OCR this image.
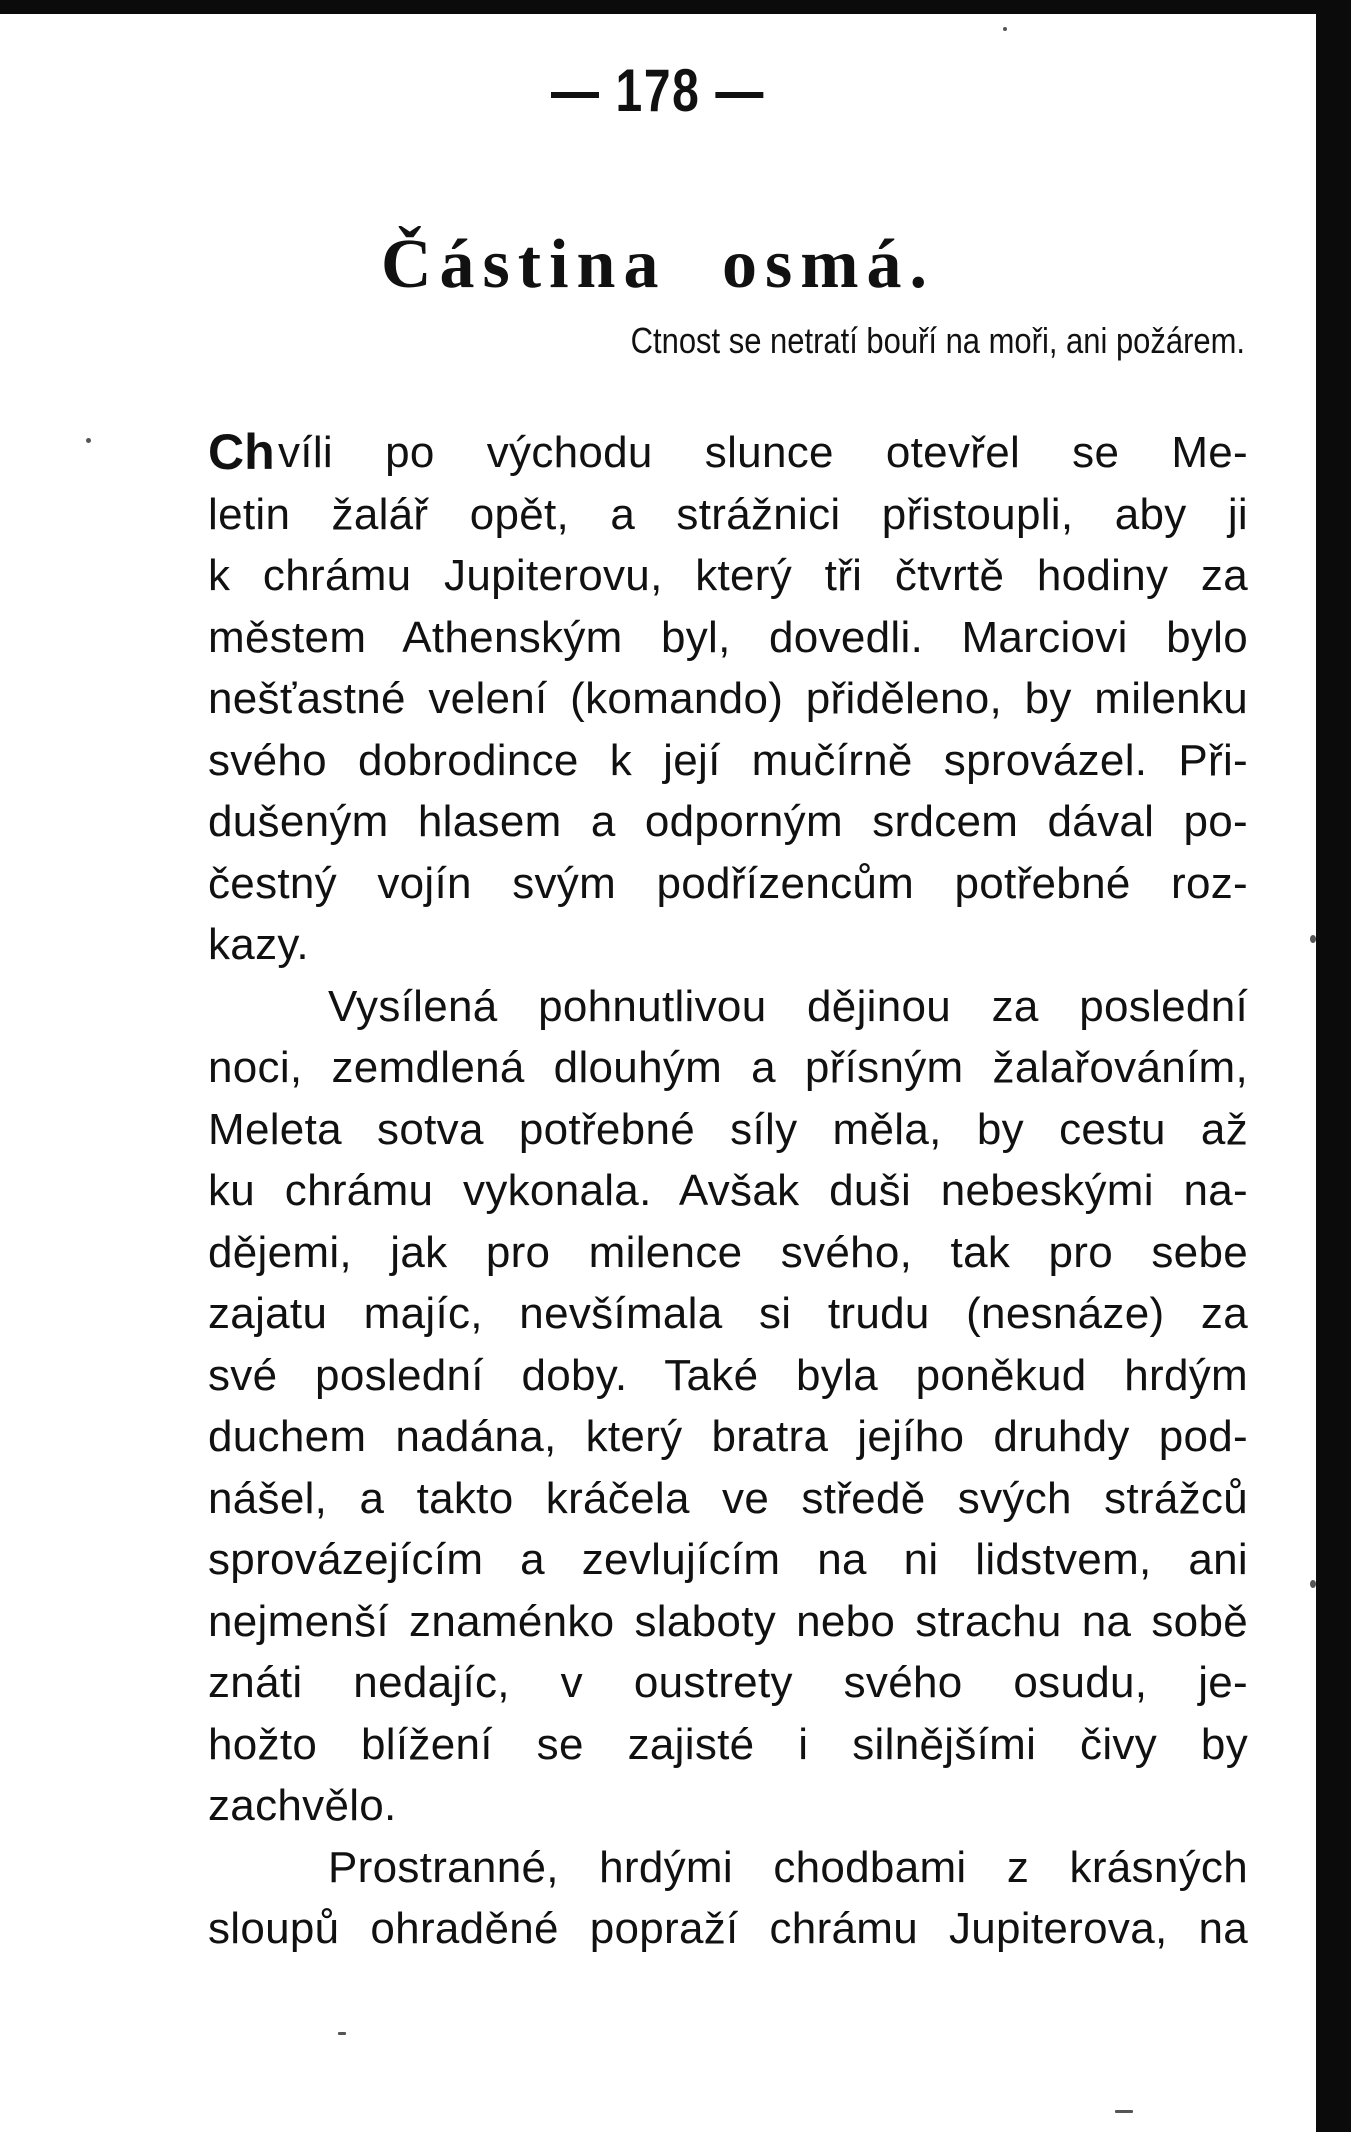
— 178 —
Částina osmá.
Ctnost se netratí bouří na moři, ani požárem.
Ch víli po východu slunce otevřel se Me-
letin žalář opět, a strážnici přistoupli, aby ji
k chrámu Jupiterovu, který tři čtvrtě hodiny za
městem Athenským byl, dovedli. Marciovi bylo
nešťastné velení (komando) přiděleno, by milenku
svého dobrodince k její mučírně sprovázel. Při-
dušeným hlasem a odporným srdcem dával po-
čestný vojín svým podřízencům potřebné roz-
kazy.
Vysílená pohnutlivou dějinou za poslední
noci, zemdlená dlouhým a přísným žalařováním,
Meleta sotva potřebné síly měla, by cestu až
ku chrámu vykonala. Avšak duši nebeskými na-
dějemi, jak pro milence svého, tak pro sebe
zajatu majíc, nevšímala si trudu (nesnáze) za
své poslední doby. Také byla poněkud hrdým
duchem nadána, který bratra jejího druhdy pod-
nášel, a takto kráčela ve středě svých strážců
sprovázejícím a zevlujícím na ni lidstvem, ani
nejmenší znaménko slaboty nebo strachu na sobě
znáti nedajíc, v oustrety svého osudu, je-
hožto blížení se zajisté i silnějšími čivy by
zachvělo.
Prostranné, hrdými chodbami z krásných
sloupů ohraděné popraží chrámu Jupiterova, na
